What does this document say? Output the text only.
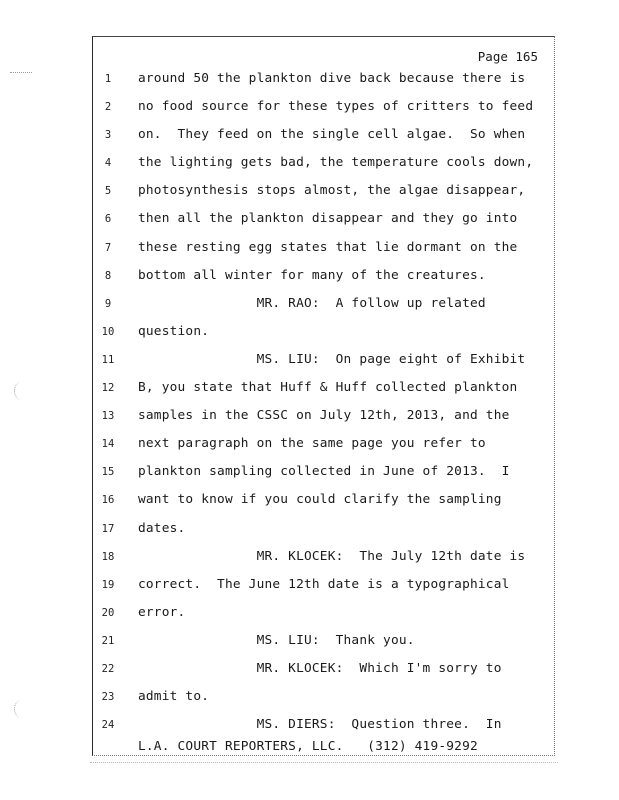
Page 165
1	around 50 the plankton dive back because there is
2	no food source for these types of critters to feed
3	on.  They feed on the single cell algae.  So when
4	the lighting gets bad, the temperature cools down,
5	photosynthesis stops almost, the algae disappear,
6	then all the plankton disappear and they go into
7	these resting egg states that lie dormant on the
8	bottom all winter for many of the creatures.
9	MR. RAO:  A follow up related
10	question.
11	MS. LIU:  On page eight of Exhibit
12	B, you state that Huff & Huff collected plankton
13	samples in the CSSC on July 12th, 2013, and the
14	next paragraph on the same page you refer to
15	plankton sampling collected in June of 2013.  I
16	want to know if you could clarify the sampling
17	dates.
18	MR. KLOCEK:  The July 12th date is
19	correct.  The June 12th date is a typographical
20	error.
21	MS. LIU:  Thank you.
22	MR. KLOCEK:  Which I'm sorry to
23	admit to.
24	MS. DIERS:  Question three.  In
L.A. COURT REPORTERS, LLC.   (312) 419-9292
